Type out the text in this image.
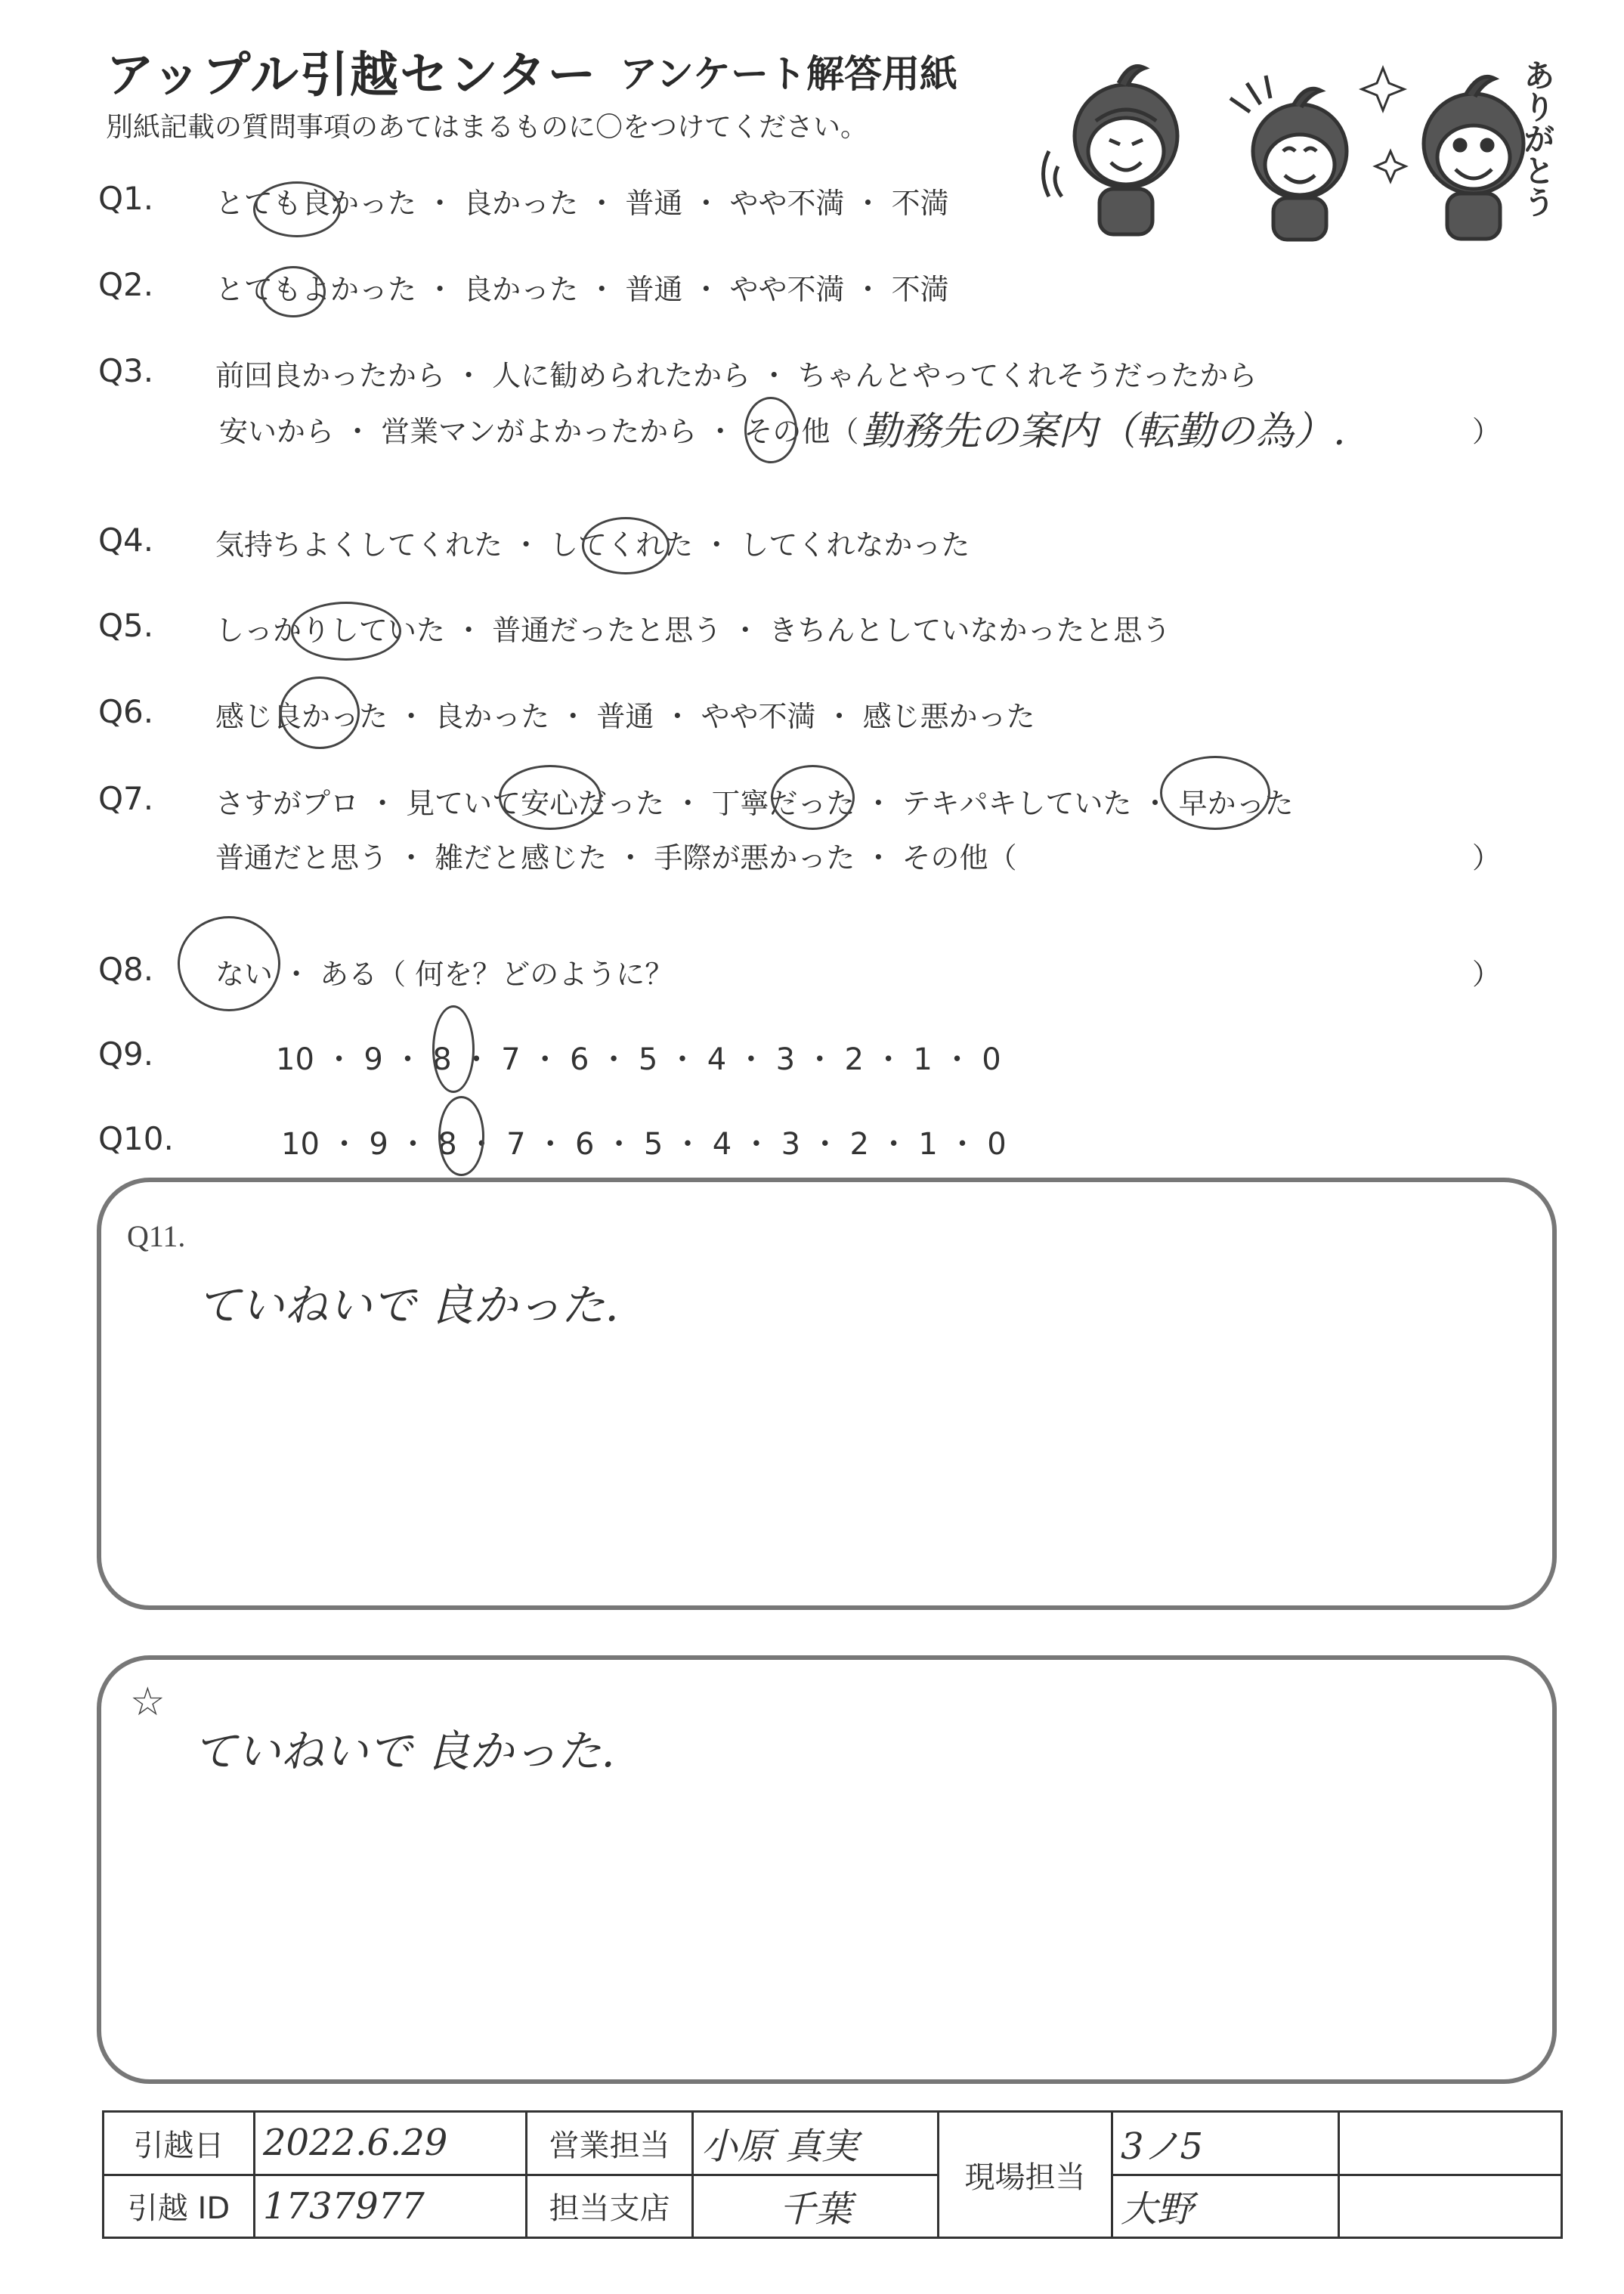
アップル引越センター アンケート解答用紙
別紙記載の質問事項のあてはまるものに〇をつけてください。	ありがとう
Q1. とても良かった ・ 良かった ・ 普通 ・ やや不満 ・ 不満
Q2. とてもよかった ・ 良かった ・ 普通 ・ やや不満 ・ 不満
Q3. 前回良かったから ・ 人に勧められたから ・ ちゃんとやってくれそうだったから
安いから ・ 営業マンがよかったから ・ その他（ 勤務先の案内（転勤の為）.	）
Q4. 気持ちよくしてくれた ・ してくれた ・ してくれなかった
Q5. しっかりしていた ・ 普通だったと思う ・ きちんとしていなかったと思う
Q6. 感じ良かった ・ 良かった ・ 普通 ・ やや不満 ・ 感じ悪かった
Q7. さすがプロ ・ 見ていて安心だった ・ 丁寧だった ・ テキパキしていた ・ 早かった
普通だと思う ・ 雑だと感じた ・ 手際が悪かった ・ その他（	）
Q8. ない ・ ある（ 何を？どのように？	）
Q9.	10 ・ 9 ・ 8 ・ 7 ・ 6 ・ 5 ・ 4 ・ 3 ・ 2 ・ 1 ・ 0
Q10.	10 ・ 9 ・ 8 ・ 7 ・ 6 ・ 5 ・ 4 ・ 3 ・ 2 ・ 1 ・ 0
Q11.
ていねいで 良かった.
☆
ていねいで 良かった.
引越日	2022.6.29	営業担当	小原 真実	現場担当	3ノ5	
引越 ID	1737977	担当支店	千葉		大野	
